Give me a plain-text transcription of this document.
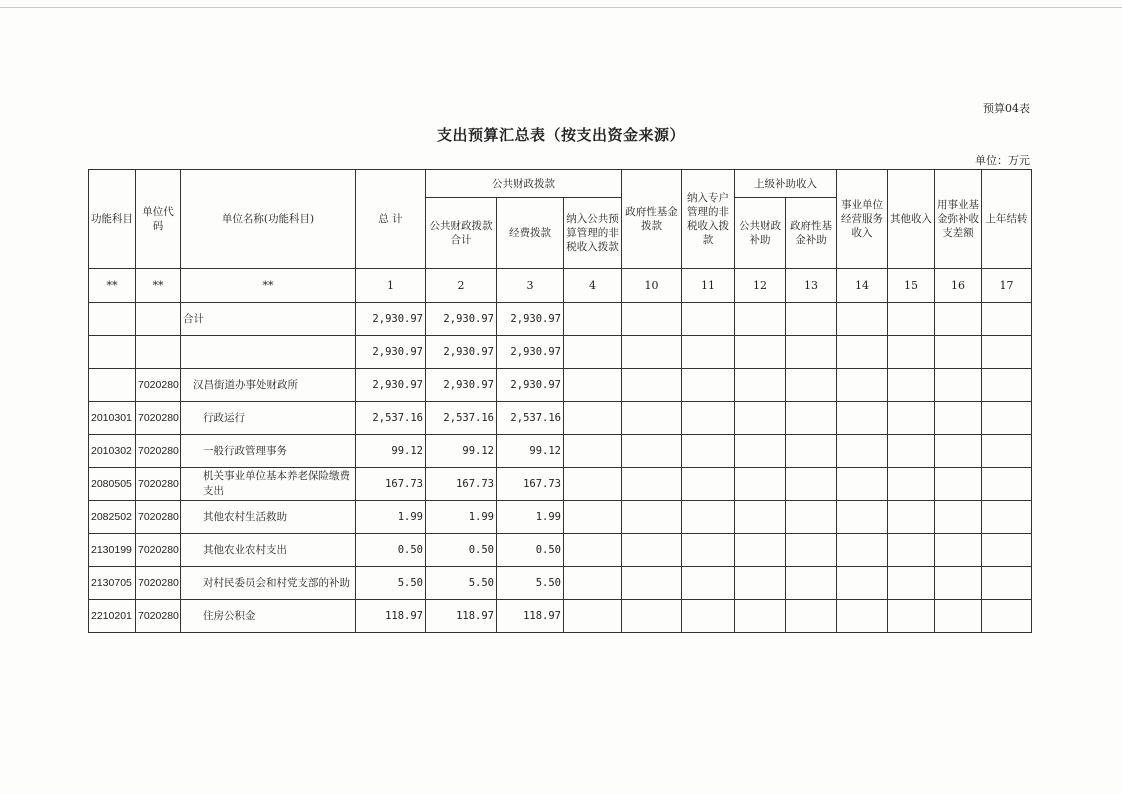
预算04表
支出预算汇总表（按支出资金来源）
单位：万元
功能科目	单位代码	单位名称(功能科目)	总 计	公共财政拨款			政府性基金拨款	纳入专户管理的非税收入拨款	上级补助收入		事业单位经营服务收入	其他收入	用事业基金弥补收支差额	上年结转
				公共财政拨款合计	经费拨款	纳入公共预算管理的非税收入拨款			公共财政补助	政府性基金补助				
**	**	**	1	2	3	4	10	11	12	13	14	15	16	17
		合计	2,930.97	2,930.97	2,930.97									
			2,930.97	2,930.97	2,930.97									
	7020280	汉昌街道办事处财政所	2,930.97	2,930.97	2,930.97									
2010301	7020280	行政运行	2,537.16	2,537.16	2,537.16									
2010302	7020280	一般行政管理事务	99.12	99.12	99.12									
2080505	7020280	机关事业单位基本养老保险缴费支出	167.73	167.73	167.73									
2082502	7020280	其他农村生活救助	1.99	1.99	1.99									
2130199	7020280	其他农业农村支出	0.50	0.50	0.50									
2130705	7020280	对村民委员会和村党支部的补助	5.50	5.50	5.50									
2210201	7020280	住房公积金	118.97	118.97	118.97									
